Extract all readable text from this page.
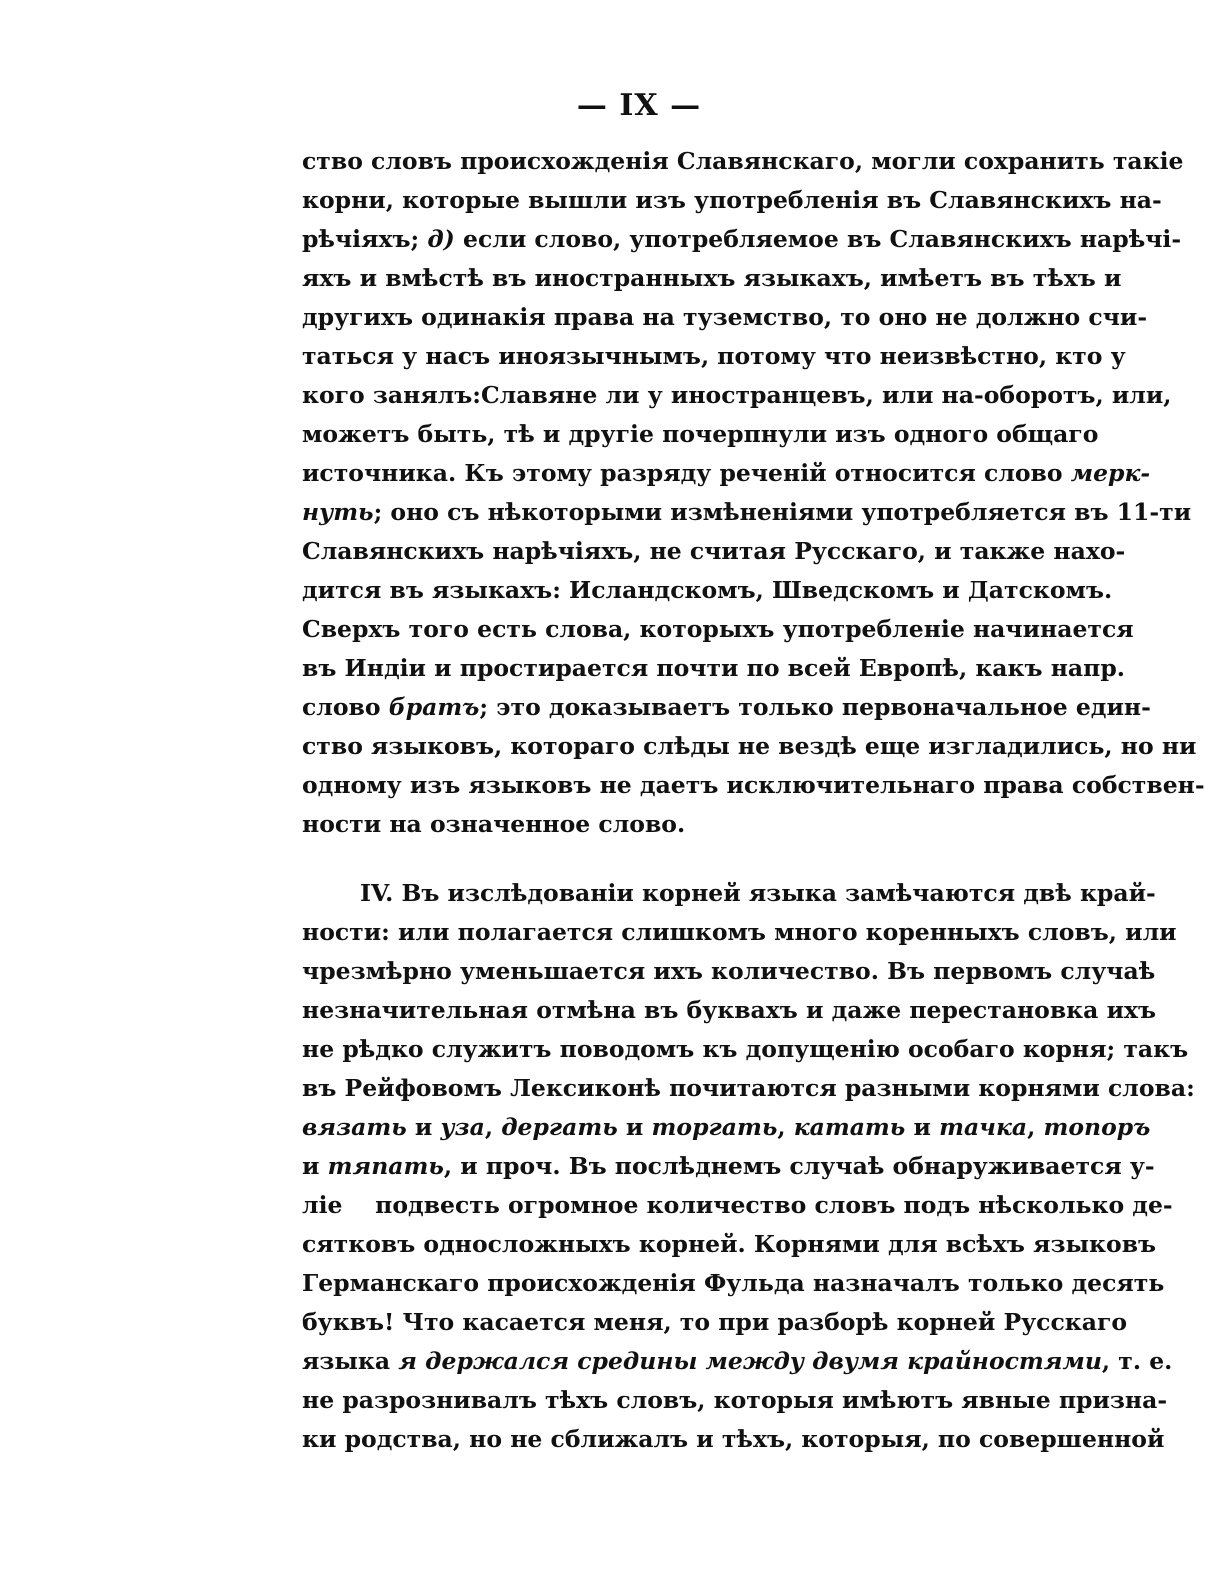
— IX —
ство словъ происхожденія Славянскаго, могли сохранить такіе
корни, которые вышли изъ употребленія въ Славянскихъ на-
рѣчіяхъ; д) если слово, употребляемое въ Славянскихъ нарѣчі-
яхъ и вмѣстѣ въ иностранныхъ языкахъ, имѣетъ въ тѣхъ и
другихъ одинакія права на туземство, то оно не должно счи-
таться у насъ иноязычнымъ, потому что неизвѣстно, кто у
кого занялъ:Славяне ли у иностранцевъ, или на-оборотъ, или,
можетъ быть, тѣ и другіе почерпнули изъ одного общаго
источника. Къ этому разряду реченій относится слово мерк-
нуть; оно съ нѣкоторыми измѣненіями употребляется въ 11-ти
Славянскихъ нарѣчіяхъ, не считая Русскаго, и также нахо-
дится въ языкахъ: Исландскомъ, Шведскомъ и Датскомъ.
Сверхъ того есть слова, которыхъ употребленіе начинается
въ Индіи и простирается почти по всей Европѣ, какъ напр.
слово братъ; это доказываетъ только первоначальное един-
ство языковъ, котораго слѣды не вездѣ еще изгладились, но ни
одному изъ языковъ не даетъ исключительнаго права собствен-
ности на означенное слово.
IV. Въ изслѣдованіи корней языка замѣчаются двѣ край-
ности: или полагается слишкомъ много коренныхъ словъ, или
чрезмѣрно уменьшается ихъ количество. Въ первомъ случаѣ
незначительная отмѣна въ буквахъ и даже перестановка ихъ
не рѣдко служитъ поводомъ къ допущенію особаго корня; такъ
въ Рейфовомъ Лексиконѣ почитаются разными корнями слова:
вязать и уза, дергать и торгать, катать и тачка, топоръ
и тяпать, и проч. Въ послѣднемъ случаѣ обнаруживается у-
ліе    подвесть огромное количество словъ подъ нѣсколько де-
сятковъ односложныхъ корней. Корнями для всѣхъ языковъ
Германскаго происхожденія Фульда назначалъ только десять
буквъ! Что касается меня, то при разборѣ корней Русскаго
языка я держался средины между двумя крайностями, т. е.
не разрознивалъ тѣхъ словъ, которыя имѣютъ явные призна-
ки родства, но не сближалъ и тѣхъ, которыя, по совершенной
